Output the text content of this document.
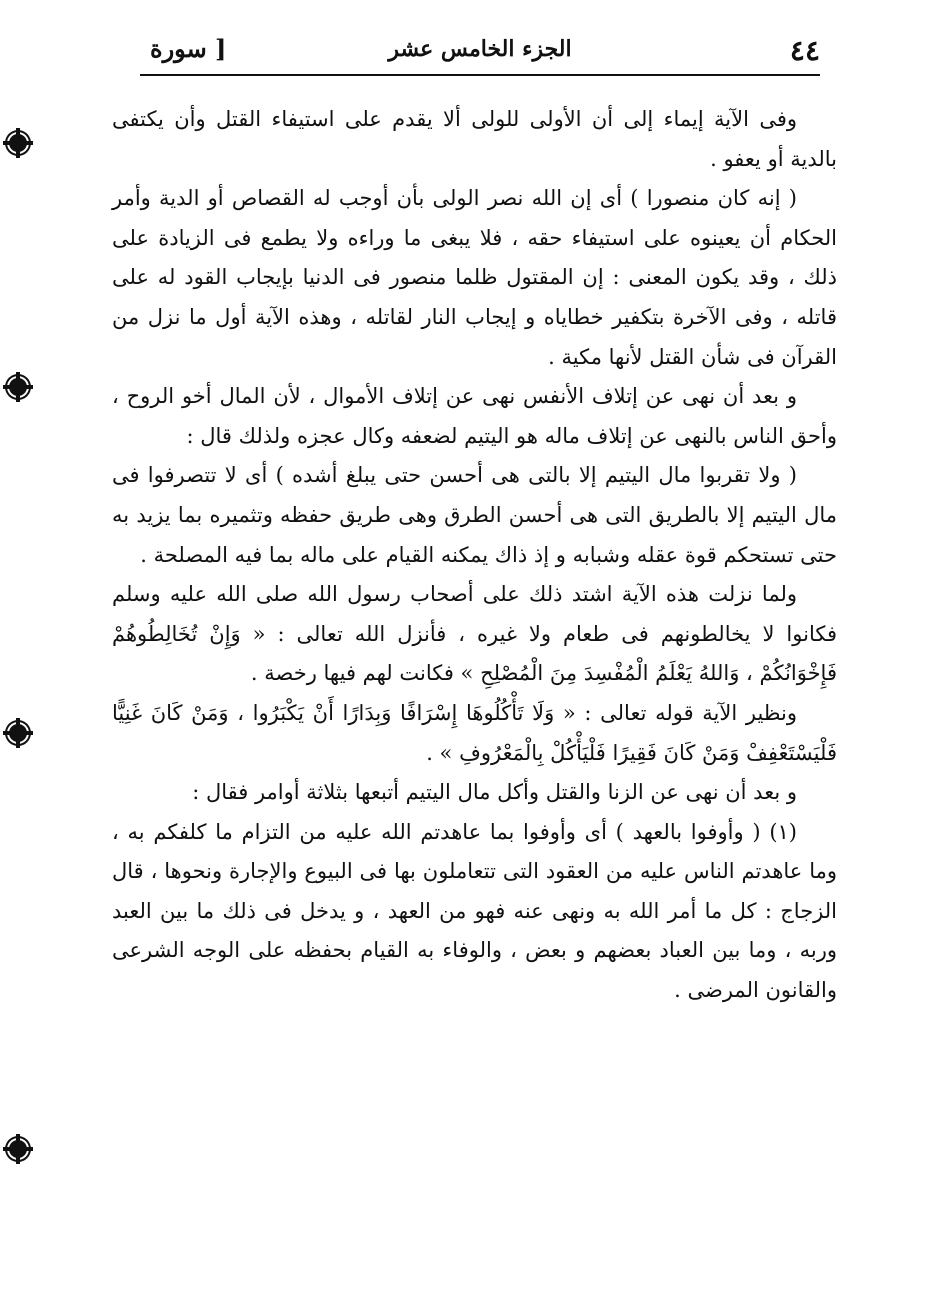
٤٤
الجزء الخامس عشر
[ سورة

وفى الآية إيماء إلى أن الأولى للولى ألا يقدم على استيفاء القتل وأن يكتفى بالدية أو يعفو .

( إنه كان منصورا ) أى إن الله نصر الولى بأن أوجب له القصاص أو الدية وأمر الحكام أن يعينوه على استيفاء حقه ، فلا يبغى ما وراءه ولا يطمع فى الزيادة على ذلك ، وقد يكون المعنى : إن المقتول ظلما منصور فى الدنيا بإيجاب القود له على قاتله ، وفى الآخرة بتكفير خطاياه و إيجاب النار لقاتله ، وهذه الآية أول ما نزل من القرآن فى شأن القتل لأنها مكية .

و بعد أن نهى عن إتلاف الأنفس نهى عن إتلاف الأموال ، لأن المال أخو الروح ، وأحق الناس بالنهى عن إتلاف ماله هو اليتيم لضعفه وكال عجزه ولذلك قال :

( ولا تقربوا مال اليتيم إلا بالتى هى أحسن حتى يبلغ أشده ) أى لا تتصرفوا فى مال اليتيم إلا بالطريق التى هى أحسن الطرق وهى طريق حفظه وتثميره بما يزيد به حتى تستحكم قوة عقله وشبابه و إذ ذاك يمكنه القيام على ماله بما فيه المصلحة .

ولما نزلت هذه الآية اشتد ذلك على أصحاب رسول الله صلى الله عليه وسلم فكانوا لا يخالطونهم فى طعام ولا غيره ، فأنزل الله تعالى : « وَإِنْ تُخَالِطُوهُمْ فَإِخْوَانُكُمْ ، وَاللهُ يَعْلَمُ الْمُفْسِدَ مِنَ الْمُصْلِحِ » فكانت لهم فيها رخصة .

ونظير الآية قوله تعالى : « وَلَا تَأْكُلُوهَا إِسْرَافًا وَبِدَارًا أَنْ يَكْبَرُوا ، وَمَنْ كَانَ غَنِيًّا فَلْيَسْتَعْفِفْ وَمَنْ كَانَ فَقِيرًا فَلْيَأْكُلْ بِالْمَعْرُوفِ » .

و بعد أن نهى عن الزنا والقتل وأكل مال اليتيم أتبعها بثلاثة أوامر فقال :

(١) ( وأوفوا بالعهد ) أى وأوفوا بما عاهدتم الله عليه من التزام ما كلفكم به ، وما عاهدتم الناس عليه من العقود التى تتعاملون بها فى البيوع والإجارة ونحوها ، قال الزجاج : كل ما أمر الله به ونهى عنه فهو من العهد ، و يدخل فى ذلك ما بين العبد وربه ، وما بين العباد بعضهم و بعض ، والوفاء به القيام بحفظه على الوجه الشرعى والقانون المرضى .
